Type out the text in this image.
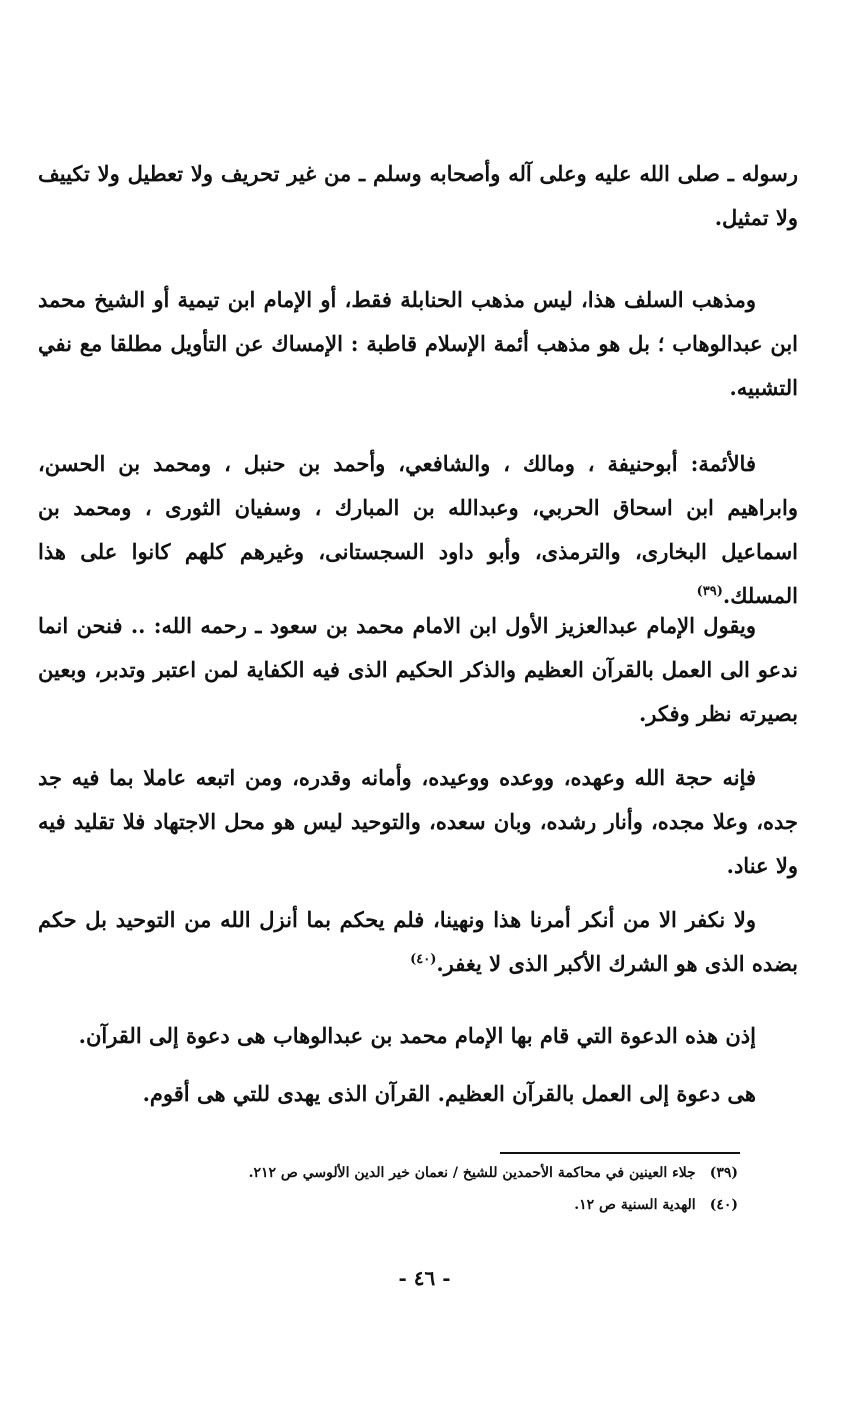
رسوله ـ صلى الله عليه وعلى آله وأصحابه وسلم ـ من غير تحريف ولا تعطيل ولا تكييف ولا تمثيل.

ومذهب السلف هذا، ليس مذهب الحنابلة فقط، أو الإمام ابن تيمية أو الشيخ محمد ابن عبدالوهاب ؛ بل هو مذهب أئمة الإسلام قاطبة : الإمساك عن التأويل مطلقا مع نفي التشبيه.

فالأئمة: أبوحنيفة ، ومالك ، والشافعي، وأحمد بن حنبل ، ومحمد بن الحسن، وابراهيم ابن اسحاق الحربي، وعبدالله بن المبارك ، وسفيان الثورى ، ومحمد بن اسماعيل البخارى، والترمذى، وأبو داود السجستانى، وغيرهم كلهم كانوا على هذا المسلك.$^{(٣٩)}$

ويقول الإمام عبدالعزيز الأول ابن الامام محمد بن سعود ـ رحمه الله: .. فنحن انما ندعو الى العمل بالقرآن العظيم والذكر الحكيم الذى فيه الكفاية لمن اعتبر وتدبر، وبعين بصيرته نظر وفكر.

فإنه حجة الله وعهده، ووعده ووعيده، وأمانه وقدره، ومن اتبعه عاملا بما فيه جد جده، وعلا مجده، وأنار رشده، وبان سعده، والتوحيد ليس هو محل الاجتهاد فلا تقليد فيه ولا عناد.

ولا نكفر الا من أنكر أمرنا هذا ونهينا، فلم يحكم بما أنزل الله من التوحيد بل حكم بضده الذى هو الشرك الأكبر الذى لا يغفر.$^{(٤٠)}$

إذن هذه الدعوة التي قام بها الإمام محمد بن عبدالوهاب هى دعوة إلى القرآن.

هى دعوة إلى العمل بالقرآن العظيم. القرآن الذى يهدى للتي هى أقوم.

(٣٩)جلاء العينين في محاكمة الأحمدين للشيخ / نعمان خير الدين الألوسي ص ٢١٢.
(٤٠)الهدية السنية ص ١٢.
- ٤٦ -
